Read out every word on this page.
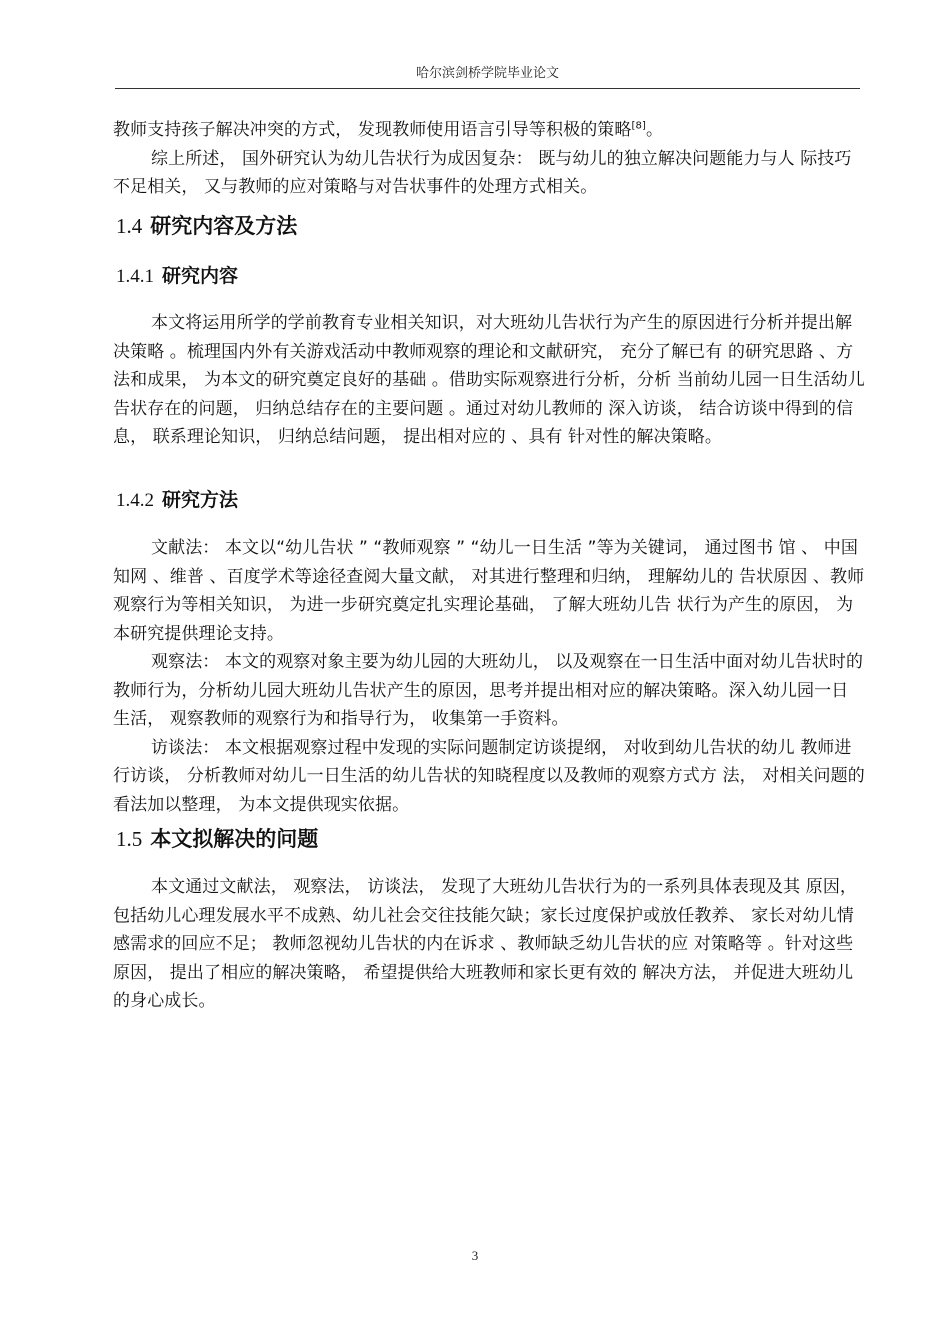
哈尔滨剑桥学院毕业论文

教师支持孩子解决冲突的方式， 发现教师使用语言引导等积极的策略[8]。

综上所述， 国外研究认为幼儿告状行为成因复杂： 既与幼儿的独立解决问题能力与人 际技巧不足相关， 又与教师的应对策略与对告状事件的处理方式相关。

1.4 研究内容及方法
1.4.1 研究内容

本文将运用所学的学前教育专业相关知识，对大班幼儿告状行为产生的原因进行分析并提出解决策略 。梳理国内外有关游戏活动中教师观察的理论和文献研究， 充分了解已有 的研究思路 、方法和成果， 为本文的研究奠定良好的基础 。借助实际观察进行分析，分析 当前幼儿园一日生活幼儿告状存在的问题， 归纳总结存在的主要问题 。通过对幼儿教师的 深入访谈， 结合访谈中得到的信息， 联系理论知识， 归纳总结问题， 提出相对应的 、具有 针对性的解决策略。

1.4.2 研究方法

文献法： 本文以“幼儿告状 ” “教师观察 ” “幼儿一日生活 ”等为关键词， 通过图书 馆 、 中国知网 、维普 、百度学术等途径查阅大量文献， 对其进行整理和归纳， 理解幼儿的 告状原因 、教师观察行为等相关知识， 为进一步研究奠定扎实理论基础， 了解大班幼儿告 状行为产生的原因， 为本研究提供理论支持。

观察法： 本文的观察对象主要为幼儿园的大班幼儿， 以及观察在一日生活中面对幼儿告状时的教师行为，分析幼儿园大班幼儿告状产生的原因，思考并提出相对应的解决策略。深入幼儿园一日生活， 观察教师的观察行为和指导行为， 收集第一手资料。

访谈法： 本文根据观察过程中发现的实际问题制定访谈提纲， 对收到幼儿告状的幼儿 教师进行访谈， 分析教师对幼儿一日生活的幼儿告状的知晓程度以及教师的观察方式方 法， 对相关问题的看法加以整理， 为本文提供现实依据。

1.5 本文拟解决的问题

本文通过文献法， 观察法， 访谈法， 发现了大班幼儿告状行为的一系列具体表现及其 原因，包括幼儿心理发展水平不成熟、幼儿社会交往技能欠缺；家长过度保护或放任教养、 家长对幼儿情感需求的回应不足； 教师忽视幼儿告状的内在诉求 、教师缺乏幼儿告状的应 对策略等 。针对这些原因， 提出了相应的解决策略， 希望提供给大班教师和家长更有效的 解决方法， 并促进大班幼儿的身心成长。

3
